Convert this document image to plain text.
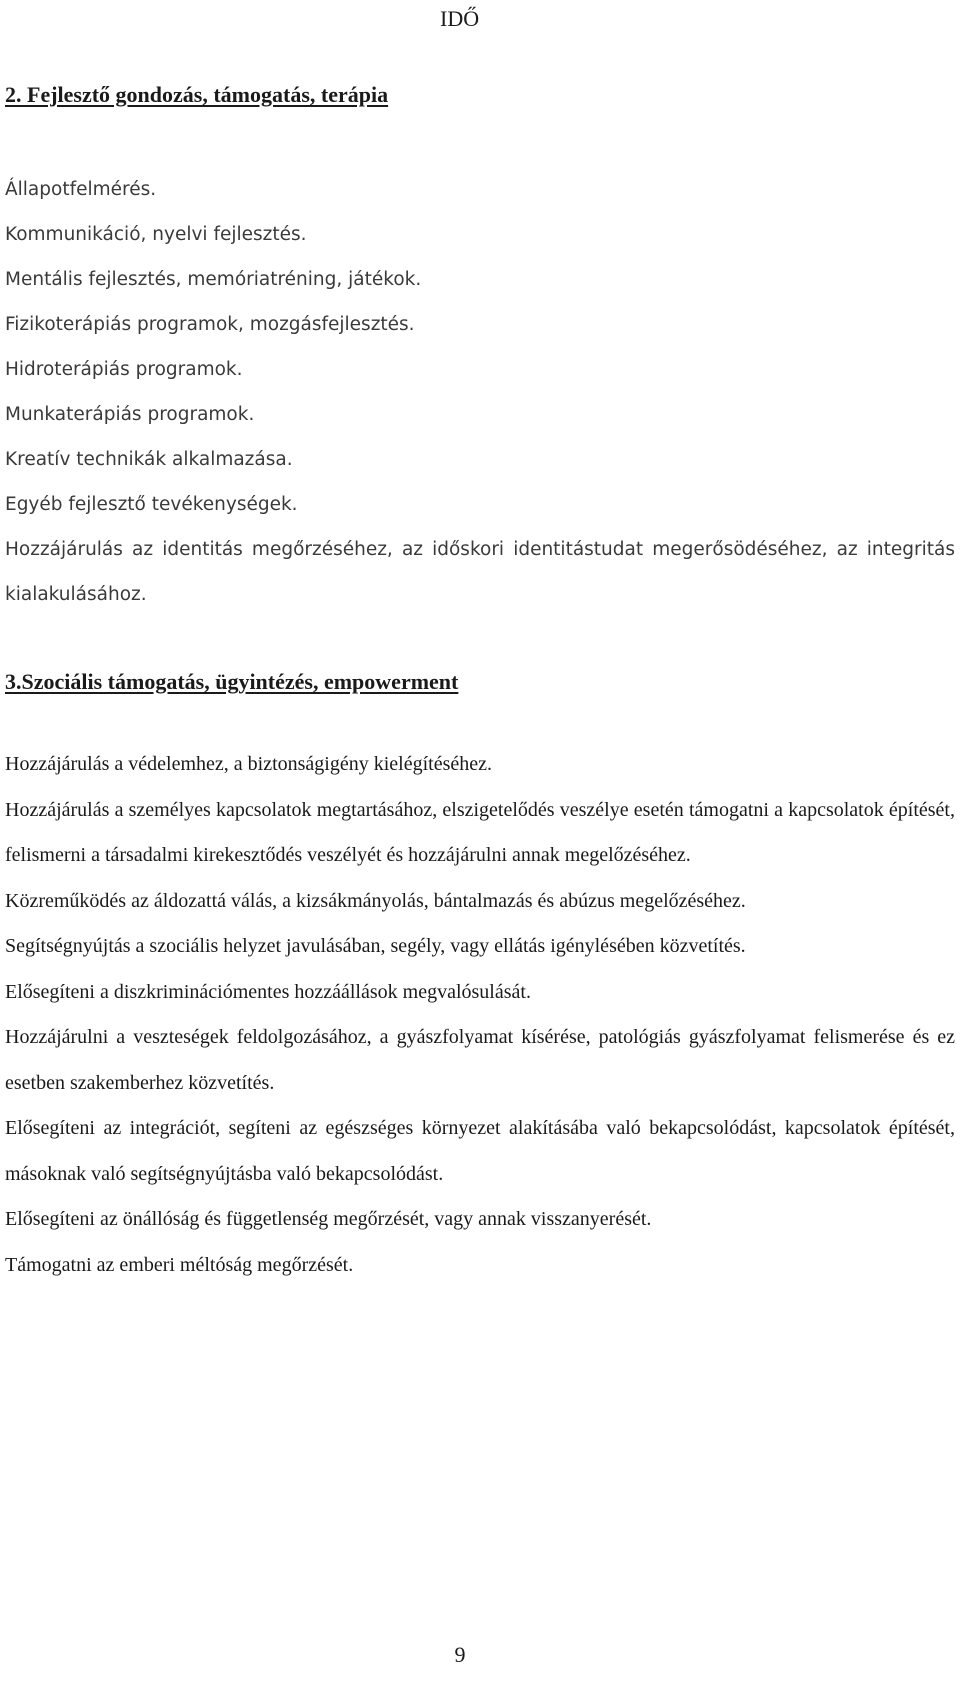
IDŐ
2. Fejlesztő gondozás, támogatás, terápia
Állapotfelmérés.
Kommunikáció, nyelvi fejlesztés.
Mentális fejlesztés, memóriatréning, játékok.
Fizikoterápiás programok, mozgásfejlesztés.
Hidroterápiás programok.
Munkaterápiás programok.
Kreatív technikák alkalmazása.
Egyéb fejlesztő tevékenységek.
Hozzájárulás az identitás megőrzéséhez, az időskori identitástudat megerősödéséhez, az integritás kialakulásához.
3.Szociális támogatás, ügyintézés, empowerment
Hozzájárulás a védelemhez, a biztonságigény kielégítéséhez.
Hozzájárulás a személyes kapcsolatok megtartásához, elszigetelődés veszélye esetén támogatni a kapcsolatok építését, felismerni a társadalmi kirekesztődés veszélyét és hozzájárulni annak megelőzéséhez.
Közreműködés az áldozattá válás, a kizsákmányolás, bántalmazás és abúzus megelőzéséhez.
Segítségnyújtás a szociális helyzet javulásában, segély, vagy ellátás igénylésében közvetítés.
Elősegíteni a diszkriminációmentes hozzáállások megvalósulását.
Hozzájárulni a veszteségek feldolgozásához, a gyászfolyamat kísérése, patológiás gyászfolyamat felismerése és ez esetben szakemberhez közvetítés.
Elősegíteni az integrációt, segíteni az egészséges környezet alakításába való bekapcsolódást, kapcsolatok építését, másoknak való segítségnyújtásba való bekapcsolódást.
Elősegíteni az önállóság és függetlenség megőrzését, vagy annak visszanyerését.
Támogatni az emberi méltóság megőrzését.
9
